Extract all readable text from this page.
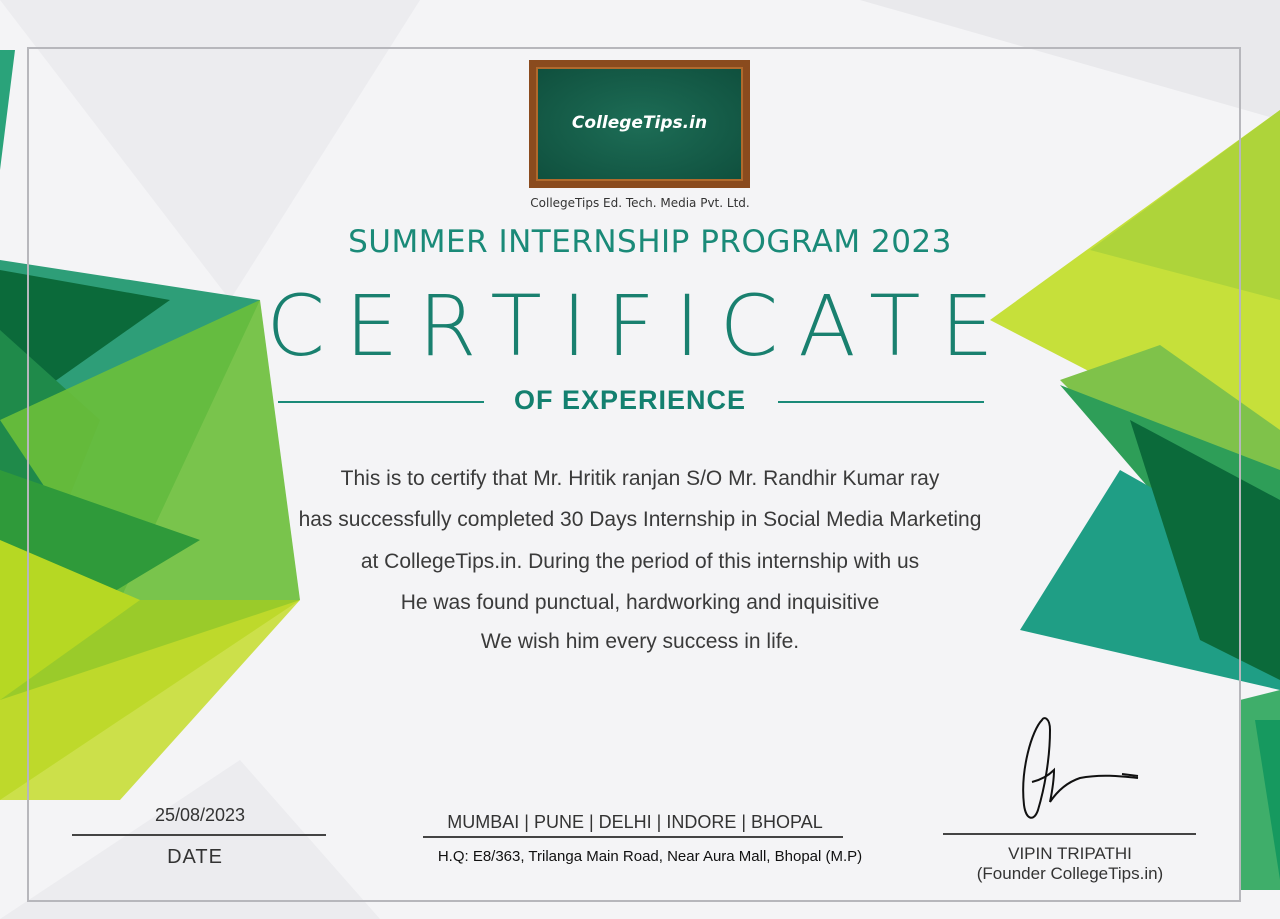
CollegeTips.in
CollegeTips Ed. Tech. Media Pvt. Ltd.
SUMMER INTERNSHIP PROGRAM 2023
CERTIFICATE
OF EXPERIENCE
This is to certify that Mr. Hritik ranjan S/O Mr. Randhir Kumar ray
has successfully completed 30 Days Internship in Social Media Marketing
at CollegeTips.in. During the period of this internship with us
He was found punctual, hardworking and inquisitive
We wish him every success in life.
25/08/2023
DATE
MUMBAI | PUNE | DELHI | INDORE | BHOPAL
H.Q: E8/363, Trilanga Main Road, Near Aura Mall, Bhopal (M.P)	VIPIN TRIPATHI
(Founder CollegeTips.in)
